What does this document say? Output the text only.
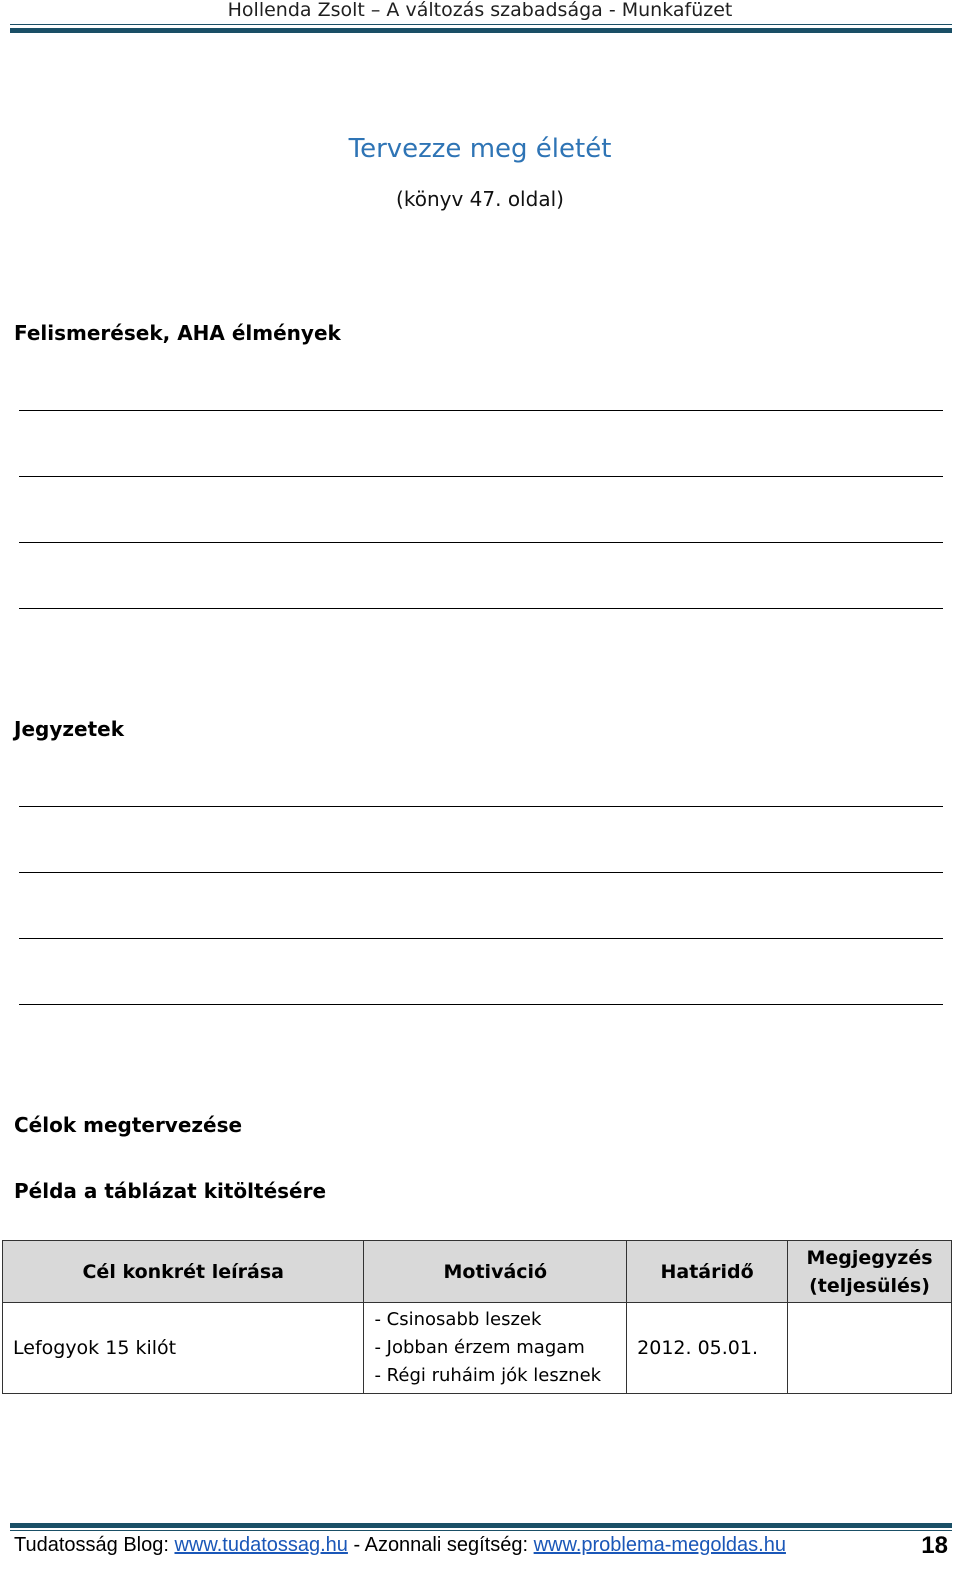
Hollenda Zsolt – A változás szabadsága - Munkafüzet
Tervezze meg életét
(könyv 47. oldal)
Felismerések, AHA élmények
Jegyzetek
Célok megtervezése
Példa a táblázat kitöltésére
Cél konkrét leírása	Motiváció	Határidő	Megjegyzés (teljesülés)
Lefogyok 15 kilót	- Csinosabb leszek
- Jobban érzem magam
- Régi ruháim jók lesznek	2012. 05.01.	
Tudatosság Blog: www.tudatossag.hu - Azonnali segítség: www.problema-megoldas.hu	18
